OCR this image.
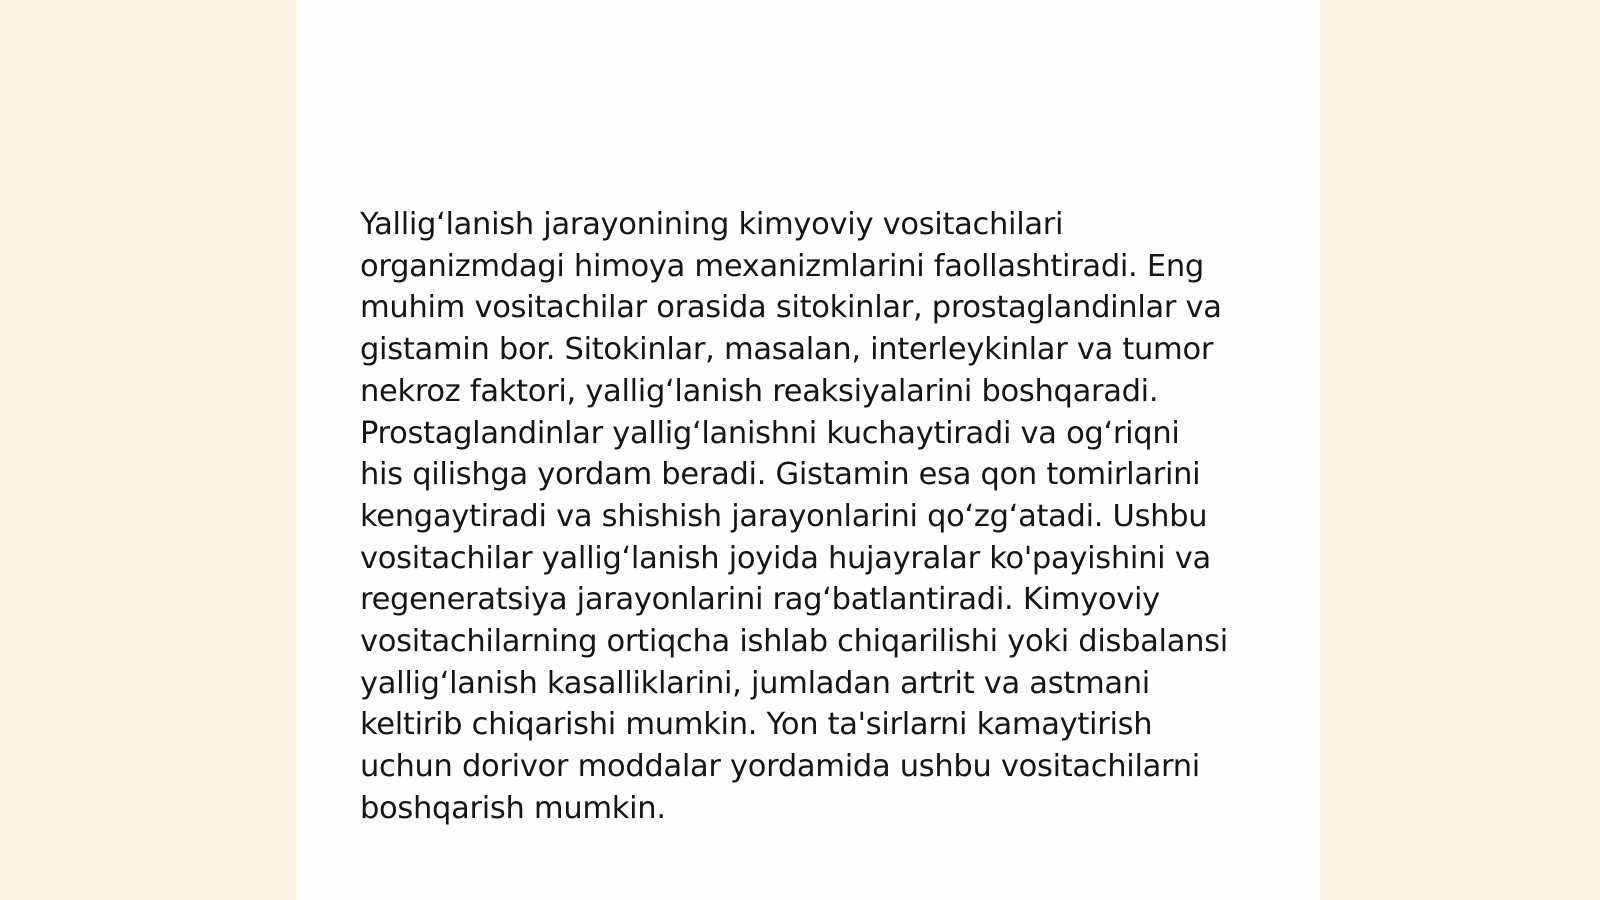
Yallig‘lanish jarayonining kimyoviy vositachilari organizmdagi himoya mexanizmlarini faollashtiradi. Eng muhim vositachilar orasida sitokinlar, prostaglandinlar va gistamin bor. Sitokinlar, masalan, interleykinlar va tumor nekroz faktori, yallig‘lanish reaksiyalarini boshqaradi. Prostaglandinlar yallig‘lanishni kuchaytiradi va og‘riqni his qilishga yordam beradi. Gistamin esa qon tomirlarini kengaytiradi va shishish jarayonlarini qo‘zg‘atadi. Ushbu vositachilar yallig‘lanish joyida hujayralar ko'payishini va regeneratsiya jarayonlarini rag‘batlantiradi. Kimyoviy vositachilarning ortiqcha ishlab chiqarilishi yoki disbalansi yallig‘lanish kasalliklarini, jumladan artrit va astmani keltirib chiqarishi mumkin. Yon ta'sirlarni kamaytirish uchun dorivor moddalar yordamida ushbu vositachilarni boshqarish mumkin.
